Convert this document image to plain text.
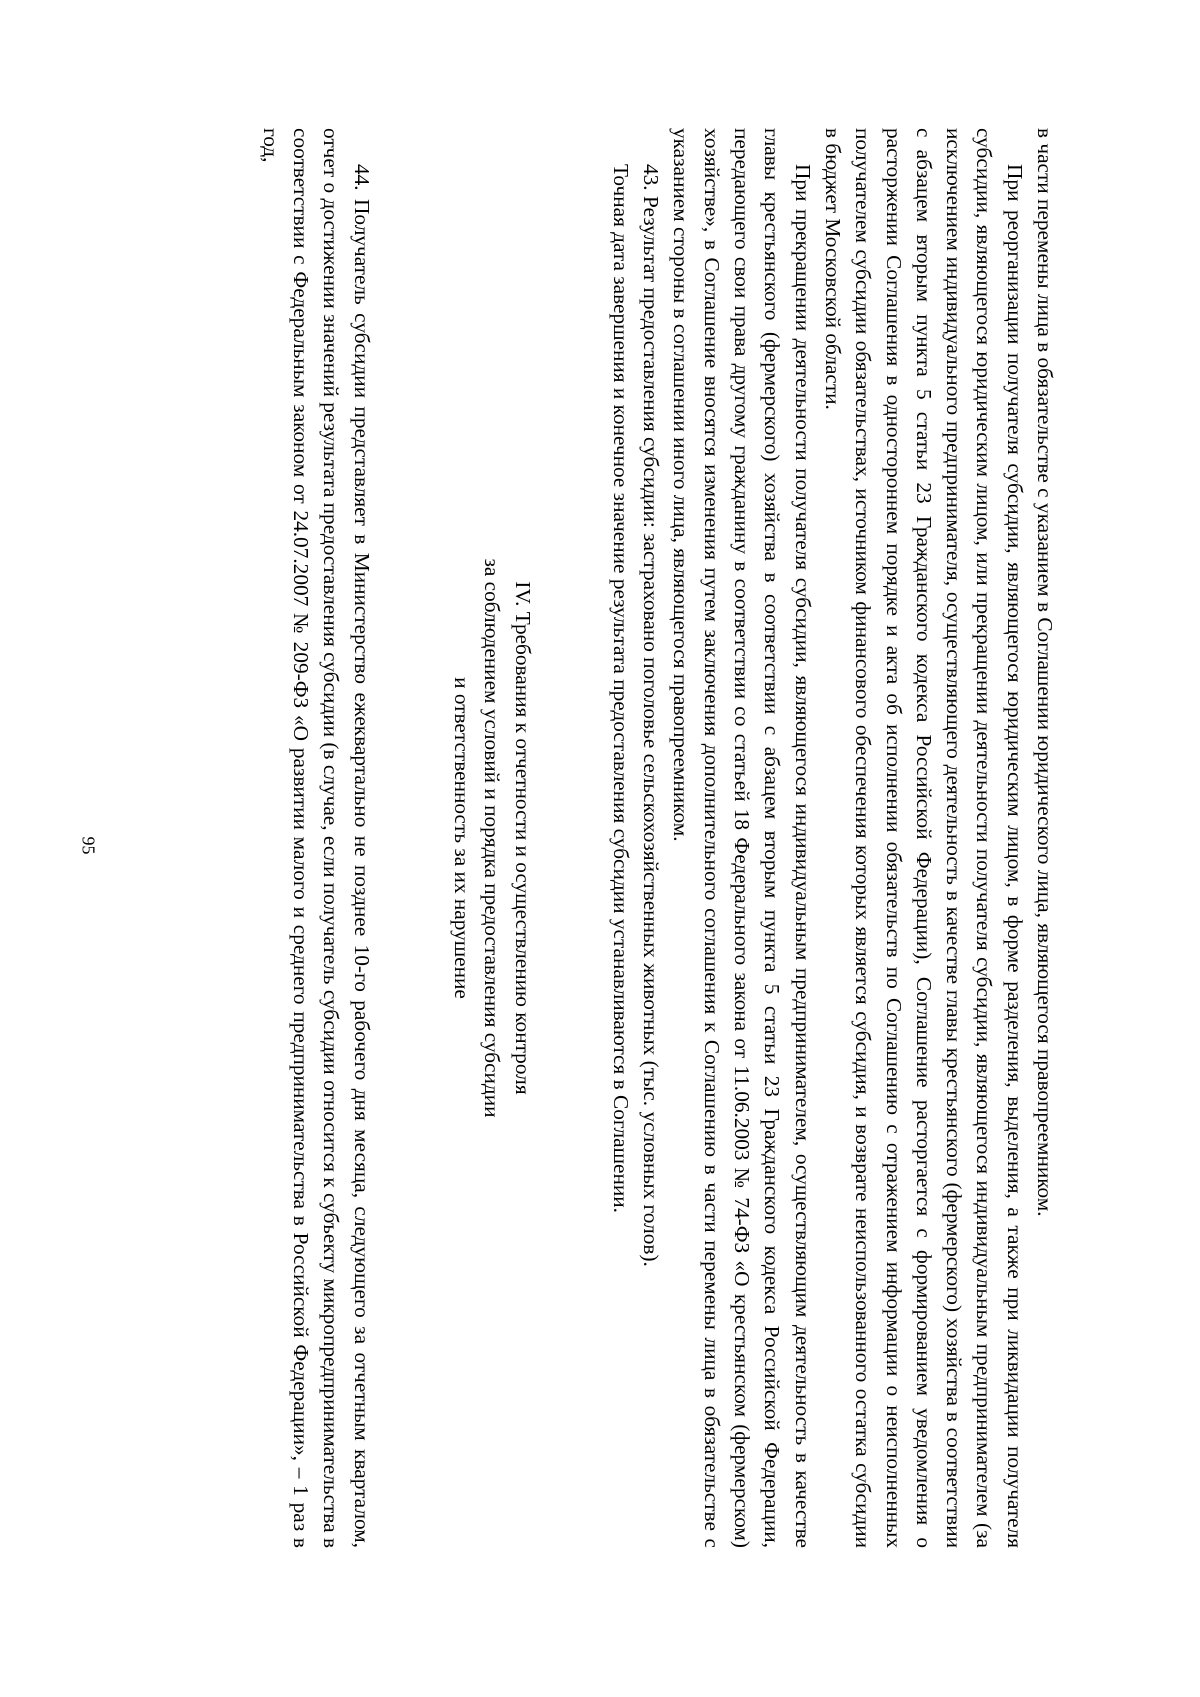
95	в части перемены лица в обязательстве с указанием в Соглашении юридического лица, являющегося правопреемником.

При реорганизации получателя субсидии, являющегося юридическим лицом, в форме разделения, выделения, а также при ликвидации получателя субсидии, являющегося юридическим лицом, или прекращении деятельности получателя субсидии, являющегося индивидуальным предпринимателем (за исключением индивидуального предпринимателя, осуществляющего деятельность в качестве главы крестьянского (фермерского) хозяйства в соответствии с абзацем вторым пункта 5 статьи 23 Гражданского кодекса Российской Федерации), Соглашение расторгается с формированием уведомления о расторжении Соглашения в одностороннем порядке и акта об исполнении обязательств по Соглашению с отражением информации о неисполненных получателем субсидии обязательствах, источником финансового обеспечения которых является субсидия, и возврате неиспользованного остатка субсидии в бюджет Московской области.

При прекращении деятельности получателя субсидии, являющегося индивидуальным предпринимателем, осуществляющим деятельность в качестве главы крестьянского (фермерского) хозяйства в соответствии с абзацем вторым пункта 5 статьи 23 Гражданского кодекса Российской Федерации, передающего свои права другому гражданину в соответствии со статьей 18 Федерального закона от 11.06.2003 № 74-ФЗ «О крестьянском (фермерском) хозяйстве», в Соглашение вносятся изменения путем заключения дополнительного соглашения к Соглашению в части перемены лица в обязательстве с указанием стороны в соглашении иного лица, являющегося правопреемником.

43. Результат предоставления субсидии: застраховано поголовье сельскохозяйственных животных (тыс. условных голов).

Точная дата завершения и конечное значение результата предоставления субсидии устанавливаются в Соглашении.

IV. Требования к отчетности и осуществлению контроля
за соблюдением условий и порядка предоставления субсидии
и ответственность за их нарушение

44. Получатель субсидии представляет в Министерство ежеквартально не позднее 10-го рабочего дня месяца, следующего за отчетным кварталом, отчет о достижении значений результата предоставления субсидии (в случае, если получатель субсидии относится к субъекту микропредпринимательства в соответствии с Федеральным законом от 24.07.2007 № 209-ФЗ «О развитии малого и среднего предпринимательства в Российской Федерации», – 1 раз в год,
